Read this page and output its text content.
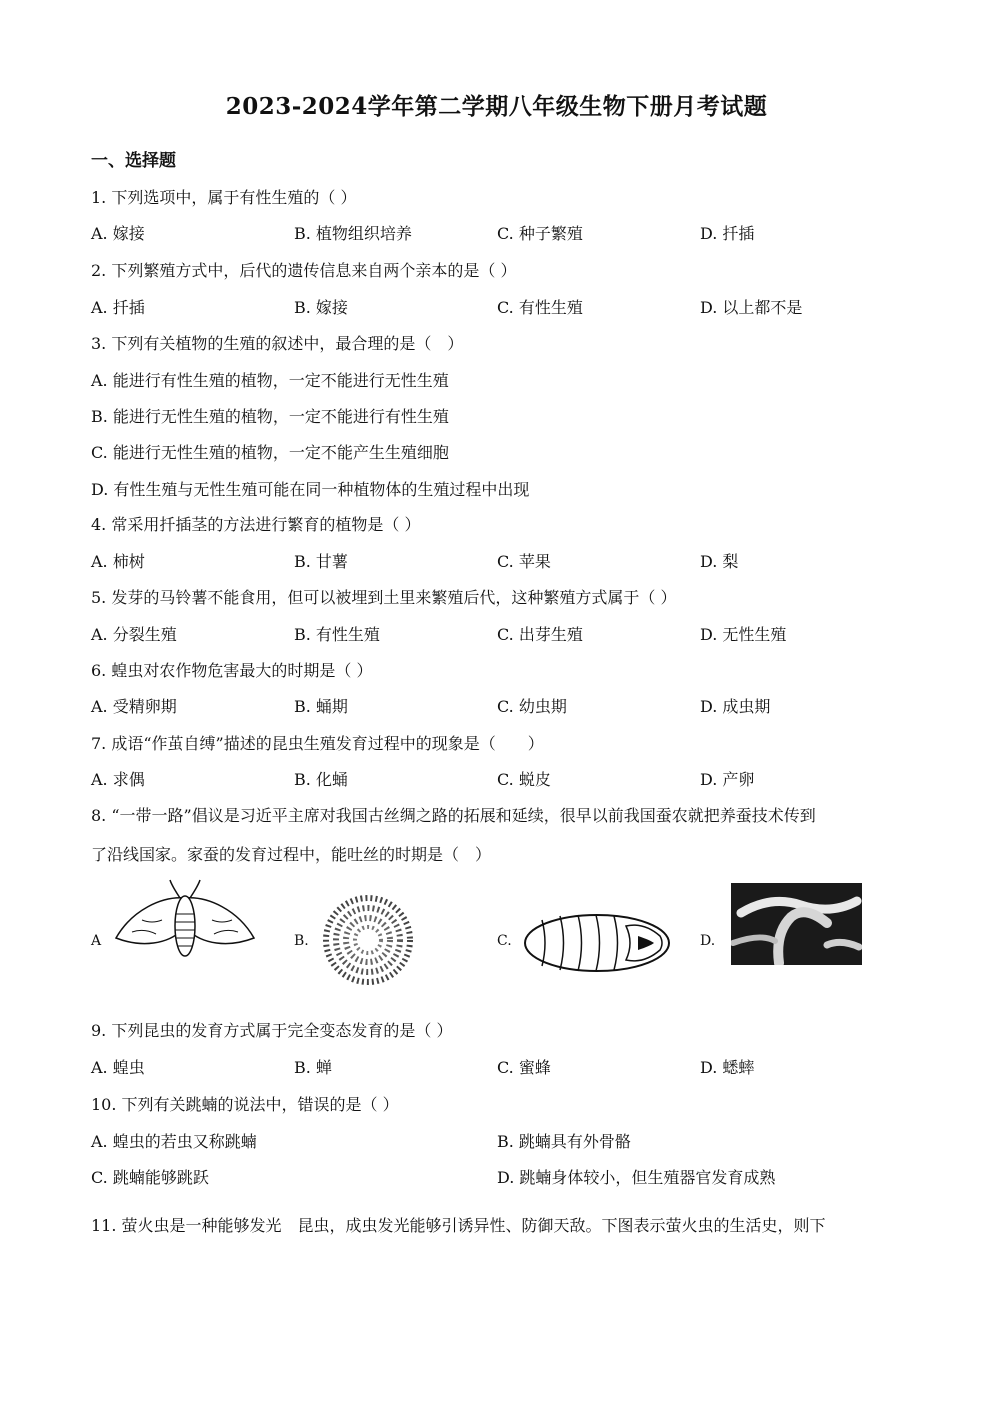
2023-2024学年第二学期八年级生物下册月考试题
一、选择题
1. 下列选项中，属于有性生殖的（ ）
A. 嫁接	B. 植物组织培养	C. 种子繁殖	D. 扦插
2. 下列繁殖方式中，后代的遗传信息来自两个亲本的是（ ）
A. 扦插	B. 嫁接	C. 有性生殖	D. 以上都不是
3. 下列有关植物的生殖的叙述中，最合理的是（　）
A. 能进行有性生殖的植物，一定不能进行无性生殖
B. 能进行无性生殖的植物，一定不能进行有性生殖
C. 能进行无性生殖的植物，一定不能产生生殖细胞
D. 有性生殖与无性生殖可能在同一种植物体的生殖过程中出现
4. 常采用扦插茎的方法进行繁育的植物是（ ）
A. 柿树	B. 甘薯	C. 苹果	D. 梨
5. 发芽的马铃薯不能食用，但可以被埋到土里来繁殖后代，这种繁殖方式属于（ ）
A. 分裂生殖	B. 有性生殖	C. 出芽生殖	D. 无性生殖
6. 蝗虫对农作物危害最大的时期是（ ）
A. 受精卵期	B. 蛹期	C. 幼虫期	D. 成虫期
7. 成语“作茧自缚”描述的昆虫生殖发育过程中的现象是（　　）
A. 求偶	B. 化蛹	C. 蜕皮	D. 产卵
8. “一带一路”倡议是习近平主席对我国古丝绸之路的拓展和延续，很早以前我国蚕农就把养蚕技术传到
了沿线国家。家蚕的发育过程中，能吐丝的时期是（　）
A	B.	C.	D.
9. 下列昆虫的发育方式属于完全变态发育的是（ ）
A. 蝗虫	B. 蝉	C. 蜜蜂	D. 蟋蟀
10. 下列有关跳蝻的说法中，错误的是（ ）
A. 蝗虫的若虫又称跳蝻	B. 跳蝻具有外骨骼
C. 跳蝻能够跳跃	D. 跳蝻身体较小，但生殖器官发育成熟
11. 萤火虫是一种能够发光　昆虫，成虫发光能够引诱异性、防御天敌。下图表示萤火虫的生活史，则下
